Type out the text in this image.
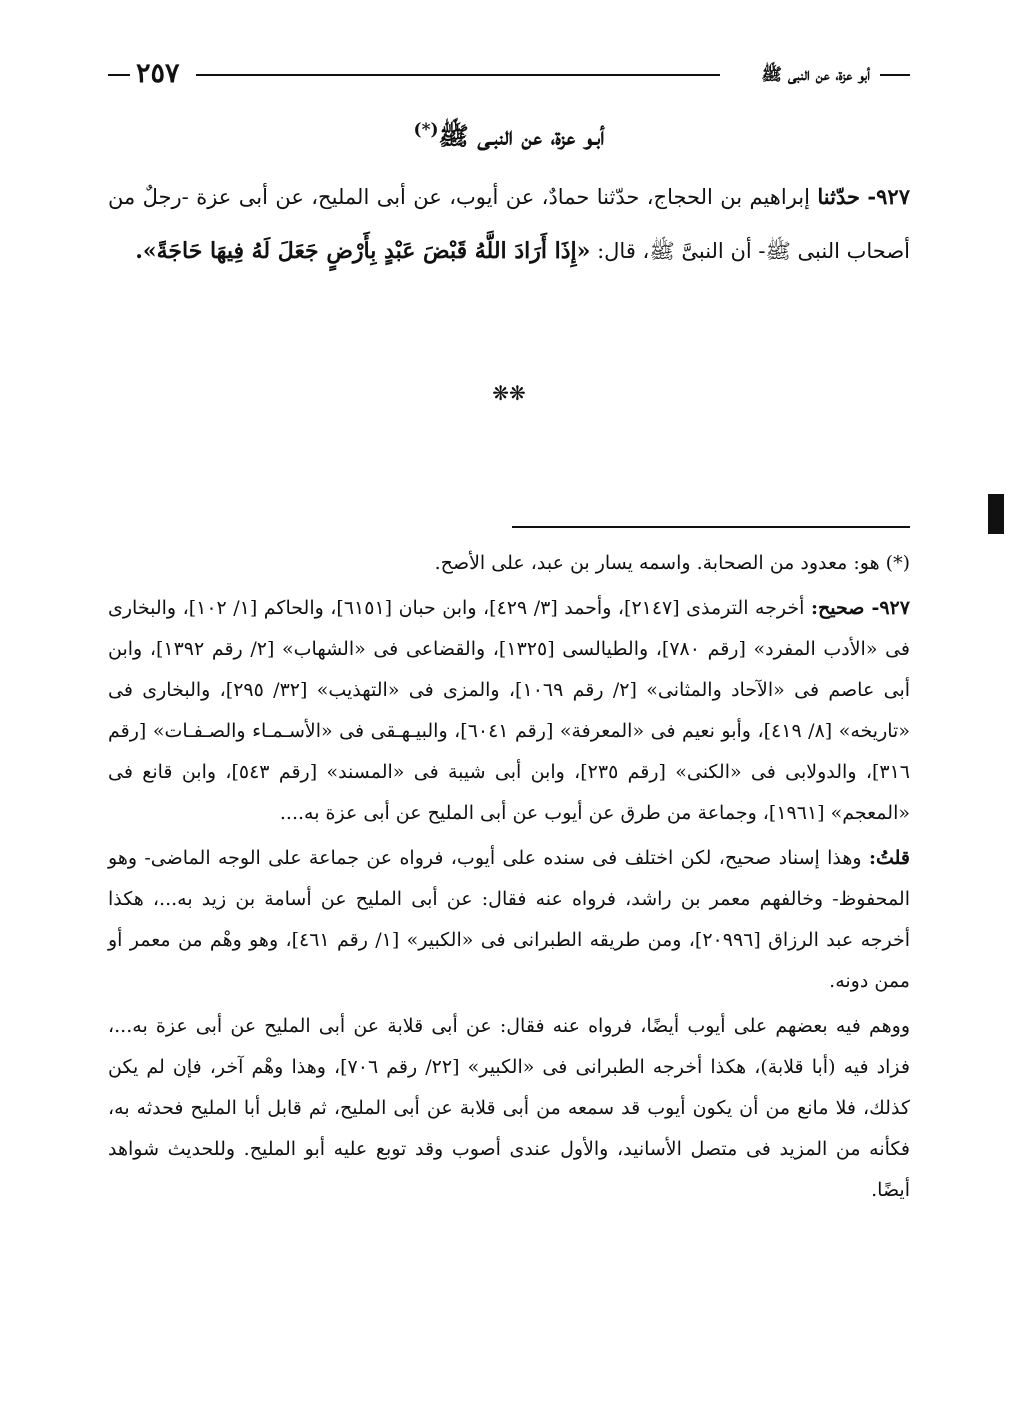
أبو عزة، عن النبى ﷺ
٢٥٧
أبـو عزة، عن النبـى ﷺ(*)
٩٢٧- حدّثنا إبراهيم بن الحجاج، حدّثنا حمادٌ، عن أيوب، عن أبى المليح، عن أبى عزة -رجلٌ من أصحاب النبى ﷺ- أن النبىَّ ﷺ، قال: «إِذَا أَرَادَ اللَّهُ قَبْضَ عَبْدٍ بِأَرْضٍ جَعَلَ لَهُ فِيهَا حَاجَةً».
❋❋

(*) هو: معدود من الصحابة. واسمه يسار بن عبد، على الأصح.

٩٢٧- صحيح: أخرجه الترمذى [٢١٤٧]، وأحمد [٣/ ٤٢٩]، وابن حبان [٦١٥١]، والحاكم [١/ ١٠٢]، والبخارى فى «الأدب المفرد» [رقم ٧٨٠]، والطيالسى [١٣٢٥]، والقضاعى فى «الشهاب» [٢/ رقم ١٣٩٢]، وابن أبى عاصم فى «الآحاد والمثانى» [٢/ رقم ١٠٦٩]، والمزى فى «التهذيب» [٣٢/ ٢٩٥]، والبخارى فى «تاريخه» [٨/ ٤١٩]، وأبو نعيم فى «المعرفة» [رقم ٦٠٤١]، والبيـهـقى فى «الأسـمـاء والصـفـات» [رقم ٣١٦]، والدولابى فى «الكنى» [رقم ٢٣٥]، وابن أبى شيبة فى «المسند» [رقم ٥٤٣]، وابن قانع فى «المعجم» [١٩٦١]، وجماعة من طرق عن أيوب عن أبى المليح عن أبى عزة به....

قلتُ: وهذا إسناد صحيح، لكن اختلف فى سنده على أيوب، فرواه عن جماعة على الوجه الماضى- وهو المحفوظ- وخالفهم معمر بن راشد، فرواه عنه فقال: عن أبى المليح عن أسامة بن زيد به...، هكذا أخرجه عبد الرزاق [٢٠٩٩٦]، ومن طريقه الطبرانى فى «الكبير» [١/ رقم ٤٦١]، وهو وهْم من معمر أو ممن دونه.

ووهم فيه بعضهم على أيوب أيضًا، فرواه عنه فقال: عن أبى قلابة عن أبى المليح عن أبى عزة به...، فزاد فيه (أبا قلابة)، هكذا أخرجه الطبرانى فى «الكبير» [٢٢/ رقم ٧٠٦]، وهذا وهْم آخر، فإن لم يكن كذلك، فلا مانع من أن يكون أيوب قد سمعه من أبى قلابة عن أبى المليح، ثم قابل أبا المليح فحدثه به، فكأنه من المزيد فى متصل الأسانيد، والأول عندى أصوب وقد توبع عليه أبو المليح. وللحديث شواهد أيضًا.
